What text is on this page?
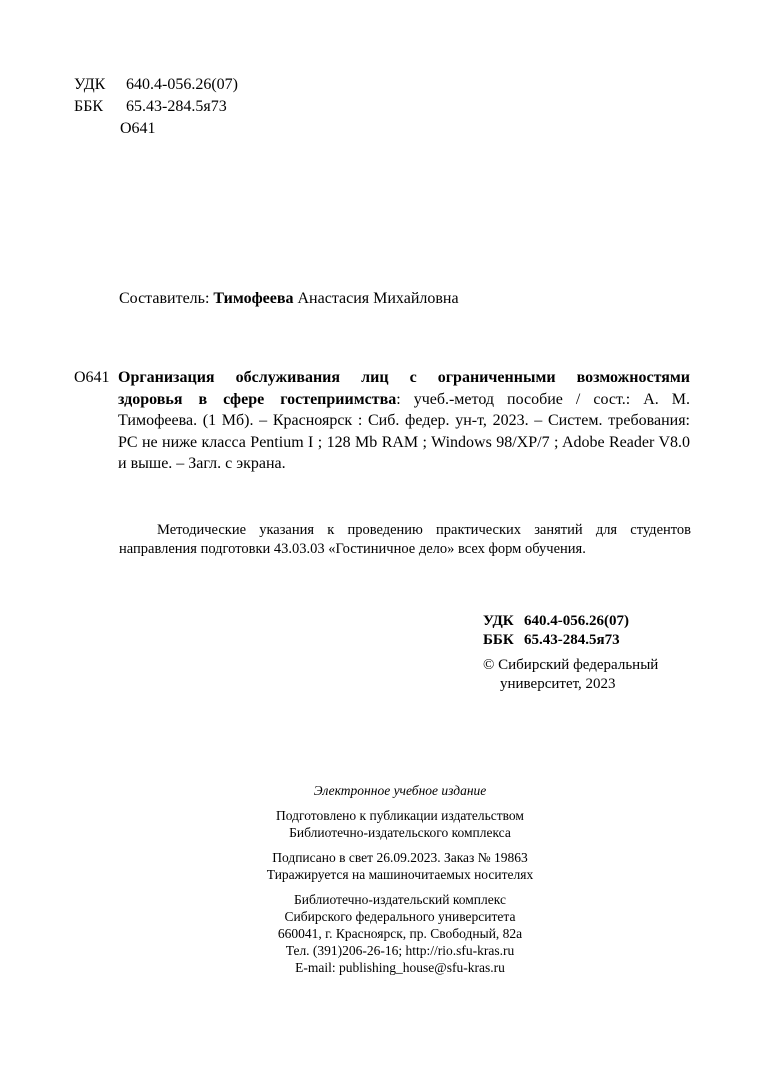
УДК 640.4-056.26(07)
ББК 65.43-284.5я73
О641
Составитель: Тимофеева Анастасия Михайловна
О641 Организация обслуживания лиц с ограниченными возможностями здоровья в сфере гостеприимства: учеб.-метод пособие / сост.: А. М. Тимофеева. (1 Мб). – Красноярск : Сиб. федер. ун-т, 2023. – Систем. требования: PC не ниже класса Pentium I ; 128 Mb RAM ; Windows 98/XP/7 ; Adobe Reader V8.0 и выше. – Загл. с экрана.

Методические указания к проведению практических занятий для студентов направления подготовки 43.03.03 «Гостиничное дело» всех форм обучения.

УДК 640.4-056.26(07)
ББК 65.43-284.5я73
© Сибирский федеральный
университет, 2023

Электронное учебное издание

Подготовлено к публикации издательством

Библиотечно-издательского комплекса

Подписано в свет 26.09.2023. Заказ № 19863

Тиражируется на машиночитаемых носителях

Библиотечно-издательский комплекс

Сибирского федерального университета

660041, г. Красноярск, пр. Свободный, 82а

Тел. (391)206-26-16; http://rio.sfu-kras.ru

E-mail: publishing_house@sfu-kras.ru
